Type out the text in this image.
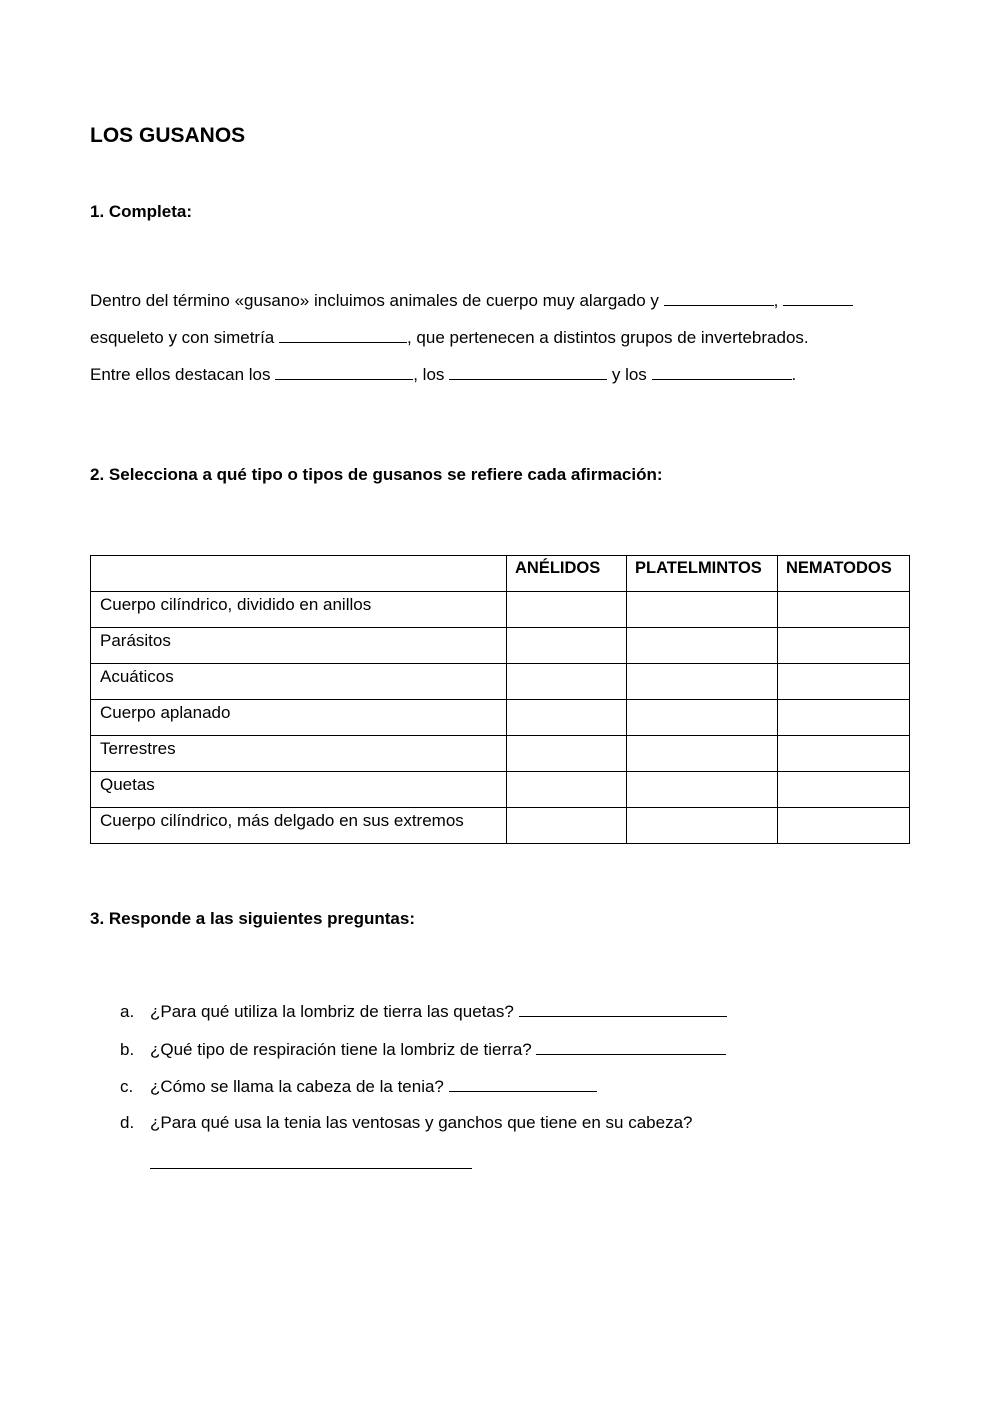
LOS GUSANOS
1. Completa:
Dentro del término «gusano» incluimos animales de cuerpo muy alargado y	,
esqueleto y con simetría	, que pertenecen a distintos grupos de invertebrados.
Entre ellos destacan los	, los	y los	.
2. Selecciona a qué tipo o tipos de gusanos se refiere cada afirmación:
	ANÉLIDOS	PLATELMINTOS	NEMATODOS
Cuerpo cilíndrico, dividido en anillos			
Parásitos			
Acuáticos			
Cuerpo aplanado			
Terrestres			
Quetas			
Cuerpo cilíndrico, más delgado en sus extremos			
3. Responde a las siguientes preguntas:
a. ¿Para qué utiliza la lombriz de tierra las quetas?
b. ¿Qué tipo de respiración tiene la lombriz de tierra?
c. ¿Cómo se llama la cabeza de la tenia?
d. ¿Para qué usa la tenia las ventosas y ganchos que tiene en su cabeza?
